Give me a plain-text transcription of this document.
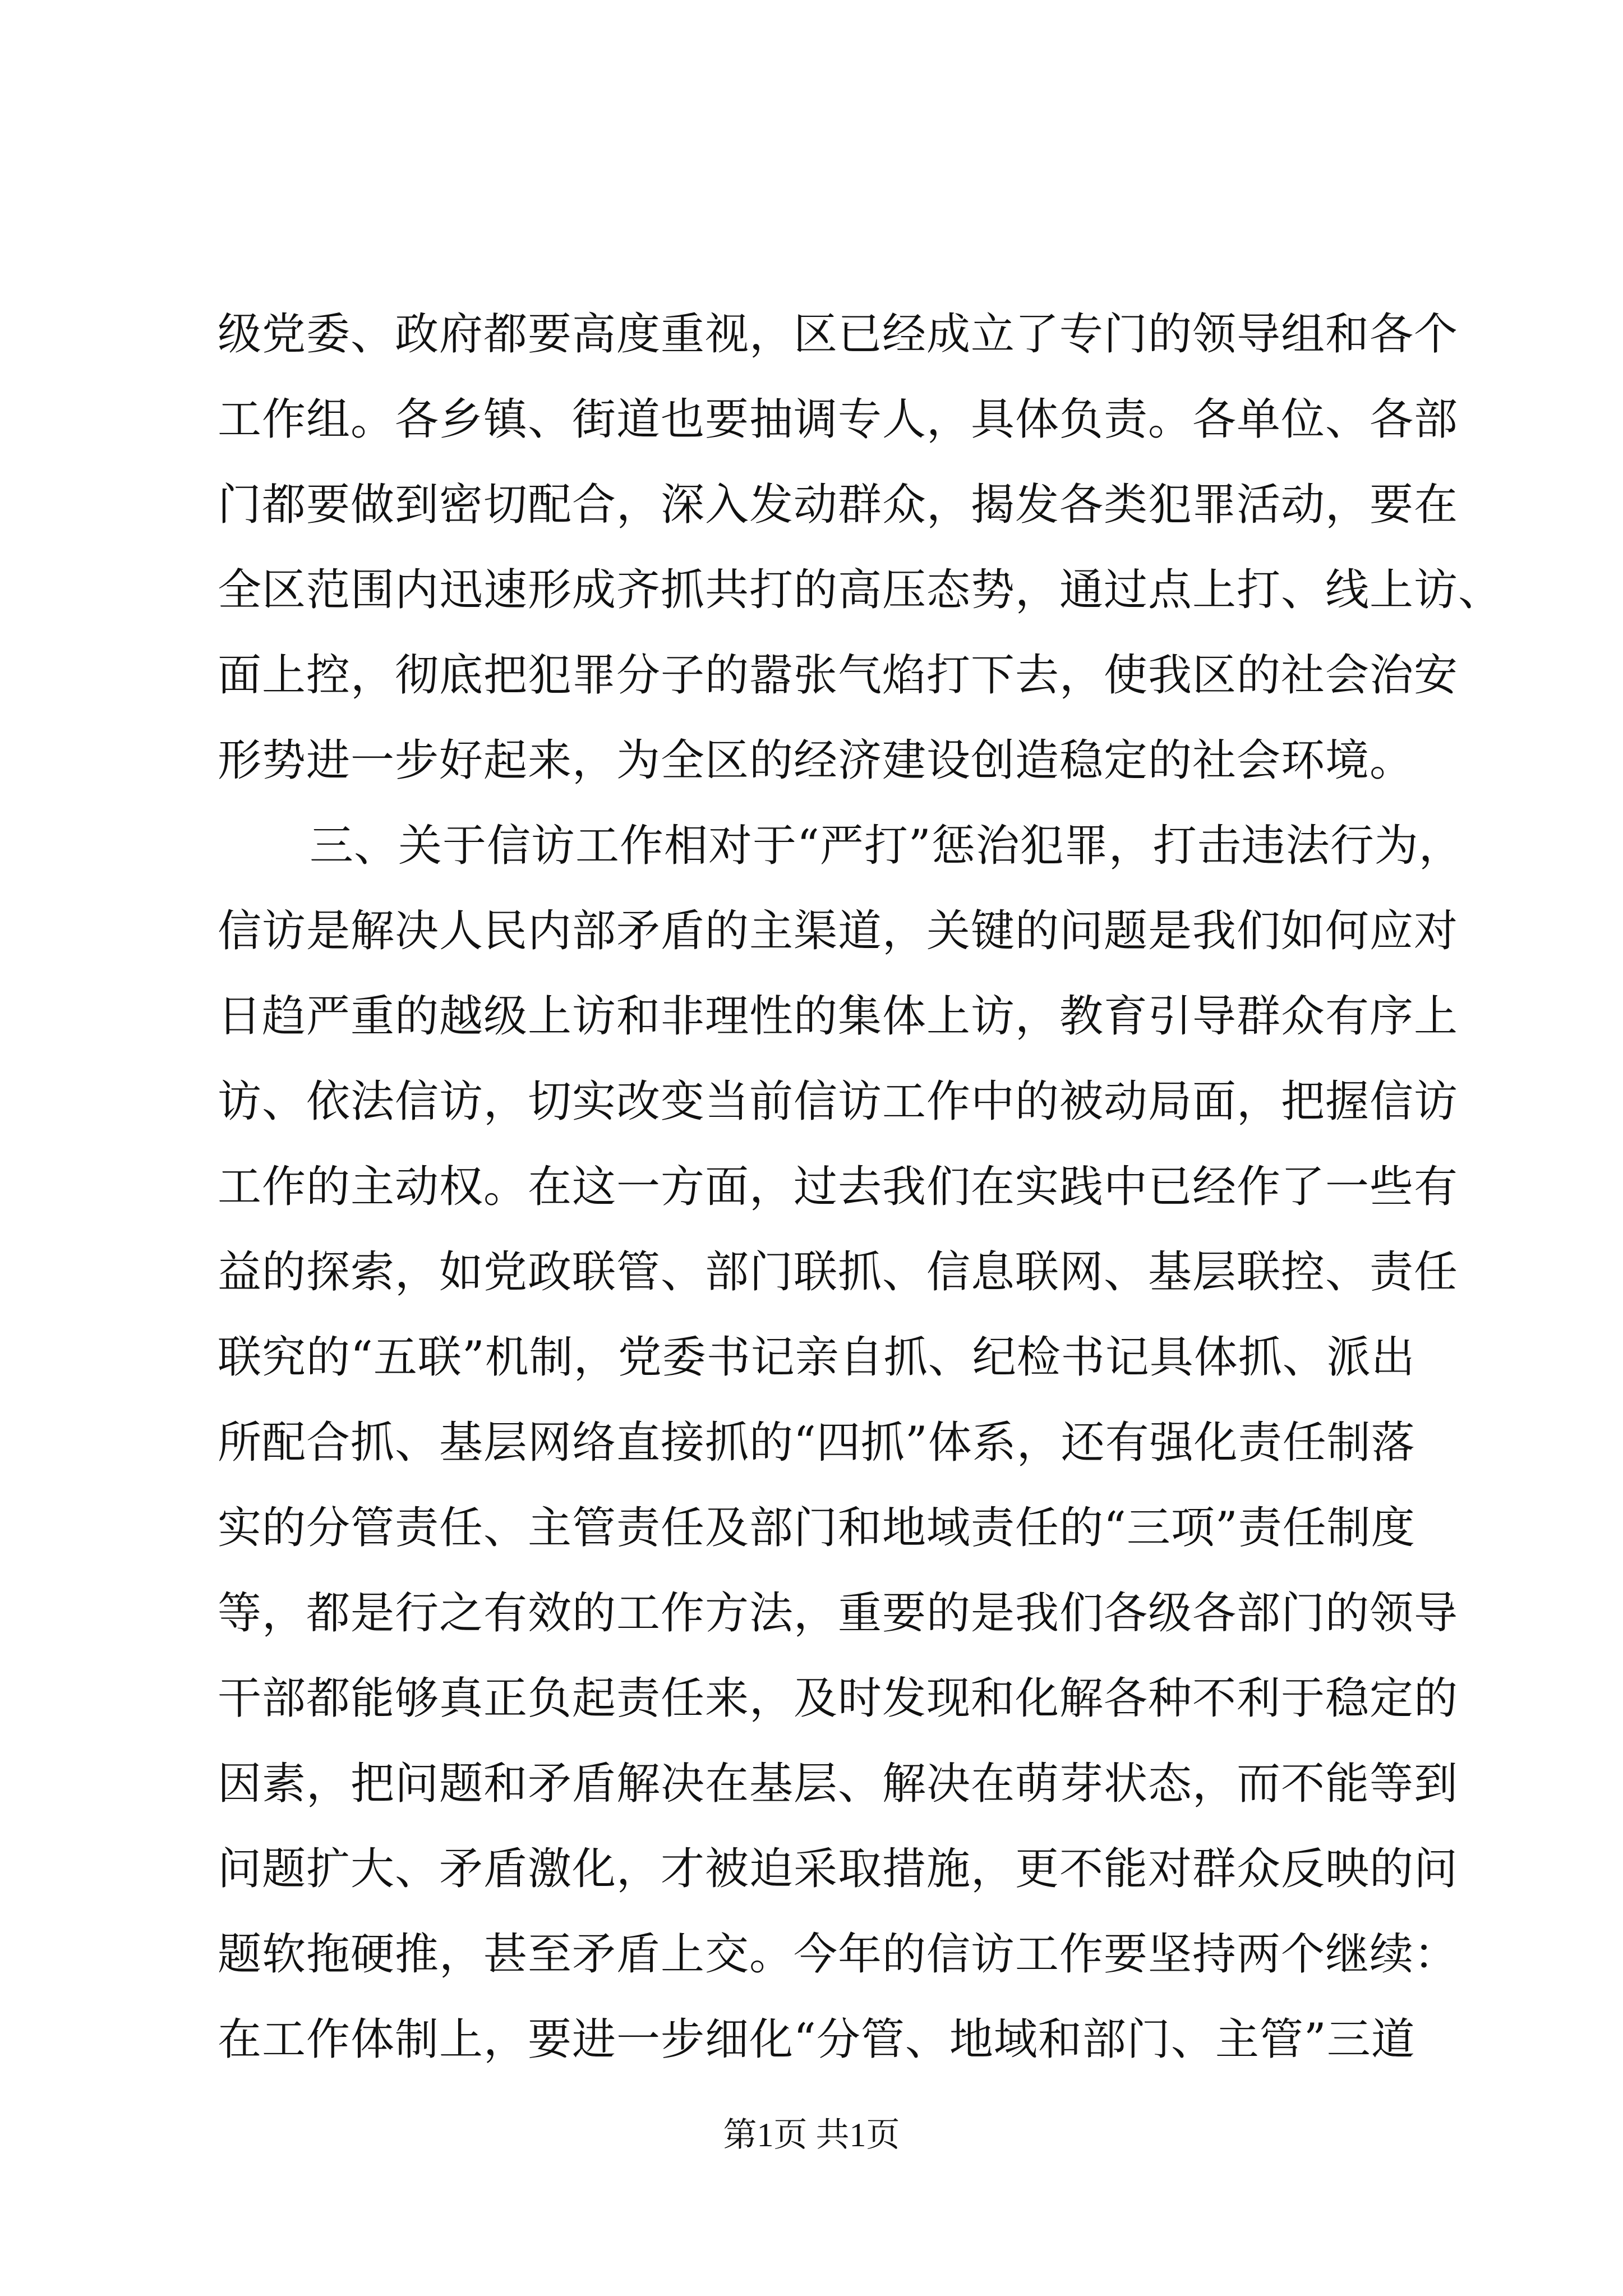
级党委、政府都要高度重视，区已经成立了专门的领导组和各个
工作组。各乡镇、街道也要抽调专人，具体负责。各单位、各部
门都要做到密切配合，深入发动群众，揭发各类犯罪活动，要在
全区范围内迅速形成齐抓共打的高压态势，通过点上打、线上访、
面上控，彻底把犯罪分子的嚣张气焰打下去，使我区的社会治安
形势进一步好起来，为全区的经济建设创造稳定的社会环境。
三、关于信访工作相对于“严打”惩治犯罪，打击违法行为，
信访是解决人民内部矛盾的主渠道，关键的问题是我们如何应对
日趋严重的越级上访和非理性的集体上访，教育引导群众有序上
访、依法信访，切实改变当前信访工作中的被动局面，把握信访
工作的主动权。在这一方面，过去我们在实践中已经作了一些有
益的探索，如党政联管、部门联抓、信息联网、基层联控、责任
联究的“五联”机制，党委书记亲自抓、纪检书记具体抓、派出
所配合抓、基层网络直接抓的“四抓”体系，还有强化责任制落
实的分管责任、主管责任及部门和地域责任的“三项”责任制度
等，都是行之有效的工作方法，重要的是我们各级各部门的领导
干部都能够真正负起责任来，及时发现和化解各种不利于稳定的
因素，把问题和矛盾解决在基层、解决在萌芽状态，而不能等到
问题扩大、矛盾激化，才被迫采取措施，更不能对群众反映的问
题软拖硬推，甚至矛盾上交。今年的信访工作要坚持两个继续：
在工作体制上，要进一步细化“分管、地域和部门、主管”三道
第1页 共1页
